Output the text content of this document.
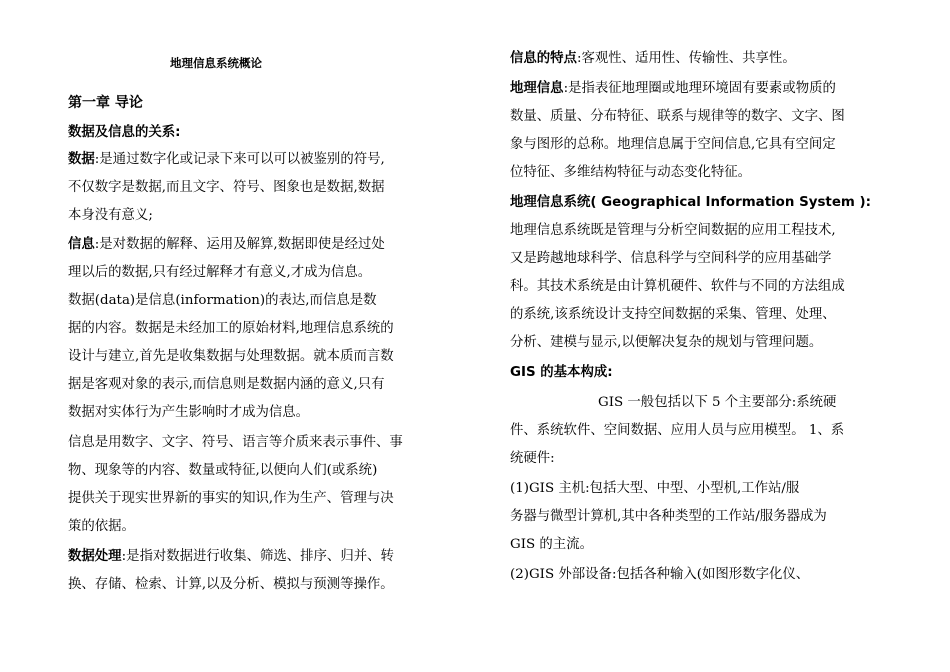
地理信息系统概论
第一章 导论
数据及信息的关系:
数据:是通过数字化或记录下来可以可以被鉴别的符号,
不仅数字是数据,而且文字、符号、图象也是数据,数据
本身没有意义;
信息:是对数据的解释、运用及解算,数据即使是经过处
理以后的数据,只有经过解释才有意义,才成为信息。
数据(data)是信息(information)的表达,而信息是数
据的内容。数据是未经加工的原始材料,地理信息系统的
设计与建立,首先是收集数据与处理数据。就本质而言数
据是客观对象的表示,而信息则是数据内涵的意义,只有
数据对实体行为产生影响时才成为信息。
信息是用数字、文字、符号、语言等介质来表示事件、事
物、现象等的内容、数量或特征,以便向人们(或系统)
提供关于现实世界新的事实的知识,作为生产、管理与决
策的依据。
数据处理:是指对数据进行收集、筛选、排序、归并、转
换、存储、检索、计算,以及分析、模拟与预测等操作。
信息的特点:客观性、适用性、传输性、共享性。
地理信息:是指表征地理圈或地理环境固有要素或物质的
数量、质量、分布特征、联系与规律等的数字、文字、图
象与图形的总称。地理信息属于空间信息,它具有空间定
位特征、多维结构特征与动态变化特征。
地理信息系统( Geographical Information System ):
地理信息系统既是管理与分析空间数据的应用工程技术,
又是跨越地球科学、信息科学与空间科学的应用基础学
科。其技术系统是由计算机硬件、软件与不同的方法组成
的系统,该系统设计支持空间数据的采集、管理、处理、
分析、建模与显示,以便解决复杂的规划与管理问题。
GIS 的基本构成:
GIS 一般包括以下 5 个主要部分:系统硬
件、系统软件、空间数据、应用人员与应用模型。 1、系
统硬件:
(1)GIS 主机:包括大型、中型、小型机,工作站/服
务器与微型计算机,其中各种类型的工作站/服务器成为
GIS 的主流。
(2)GIS 外部设备:包括各种输入(如图形数字化仪、
